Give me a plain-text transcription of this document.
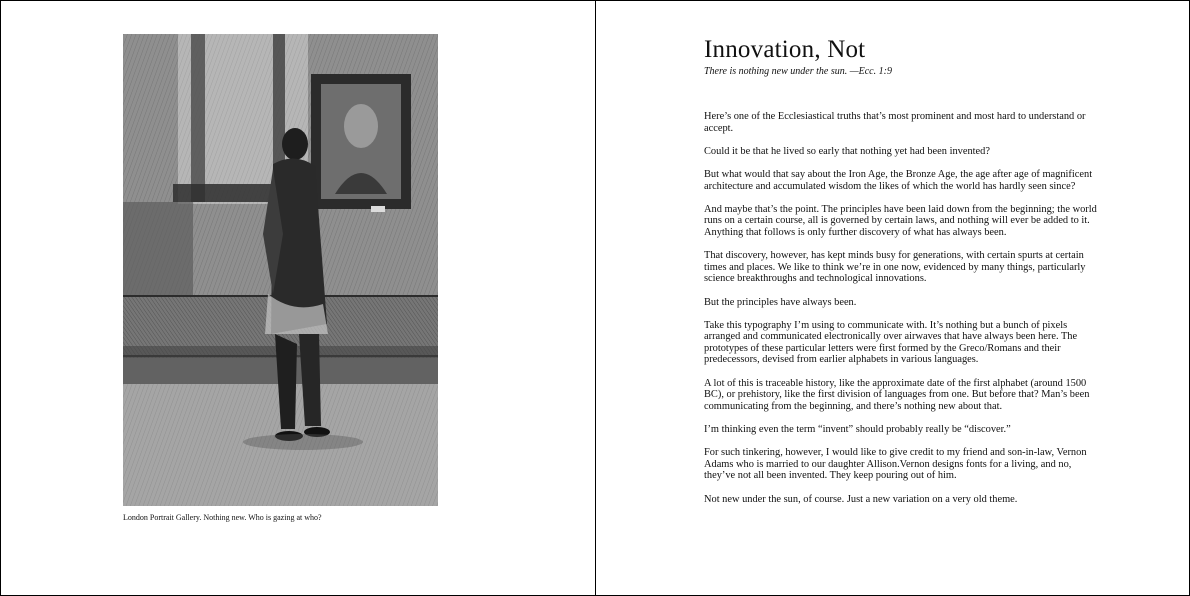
London Portrait Gallery. Nothing new. Who is gazing at who?
Innovation, Not

There is nothing new under the sun. —Ecc. 1:9

Here’s one of the Ecclesiastical truths that’s most prominent and most hard to understand or accept.

Could it be that he lived so early that nothing yet had been invented?

But what would that say about the Iron Age, the Bronze Age, the age after age of magnificent architecture and accumulated wisdom the likes of which the world has hardly seen since?

And maybe that’s the point. The principles have been laid down from the beginning; the world runs on a certain course, all is governed by certain laws, and nothing will ever be added to it. Anything that follows is only further discovery of what has always been.

That discovery, however, has kept minds busy for generations, with certain spurts at certain times and places. We like to think we’re in one now, evidenced by many things, particularly science breakthroughs and technological innovations.

But the principles have always been.

Take this typography I’m using to communicate with. It’s nothing but a bunch of pixels arranged and communicated electronically over airwaves that have always been here. The prototypes of these particular letters were first formed by the Greco/Romans and their predecessors, devised from earlier alphabets in various languages.

A lot of this is traceable history, like the approximate date of the first alphabet (around 1500 BC), or prehistory, like the first division of languages from one. But before that? Man’s been communicating from the beginning, and there’s nothing new about that.

I’m thinking even the term “invent” should probably really be “discover.”

For such tinkering, however, I would like to give credit to my friend and son-in-law, Vernon Adams who is married to our daughter Allison.Vernon designs fonts for a living, and no, they’ve not all been invented. They keep pouring out of him.

Not new under the sun, of course. Just a new variation on a very old theme.
